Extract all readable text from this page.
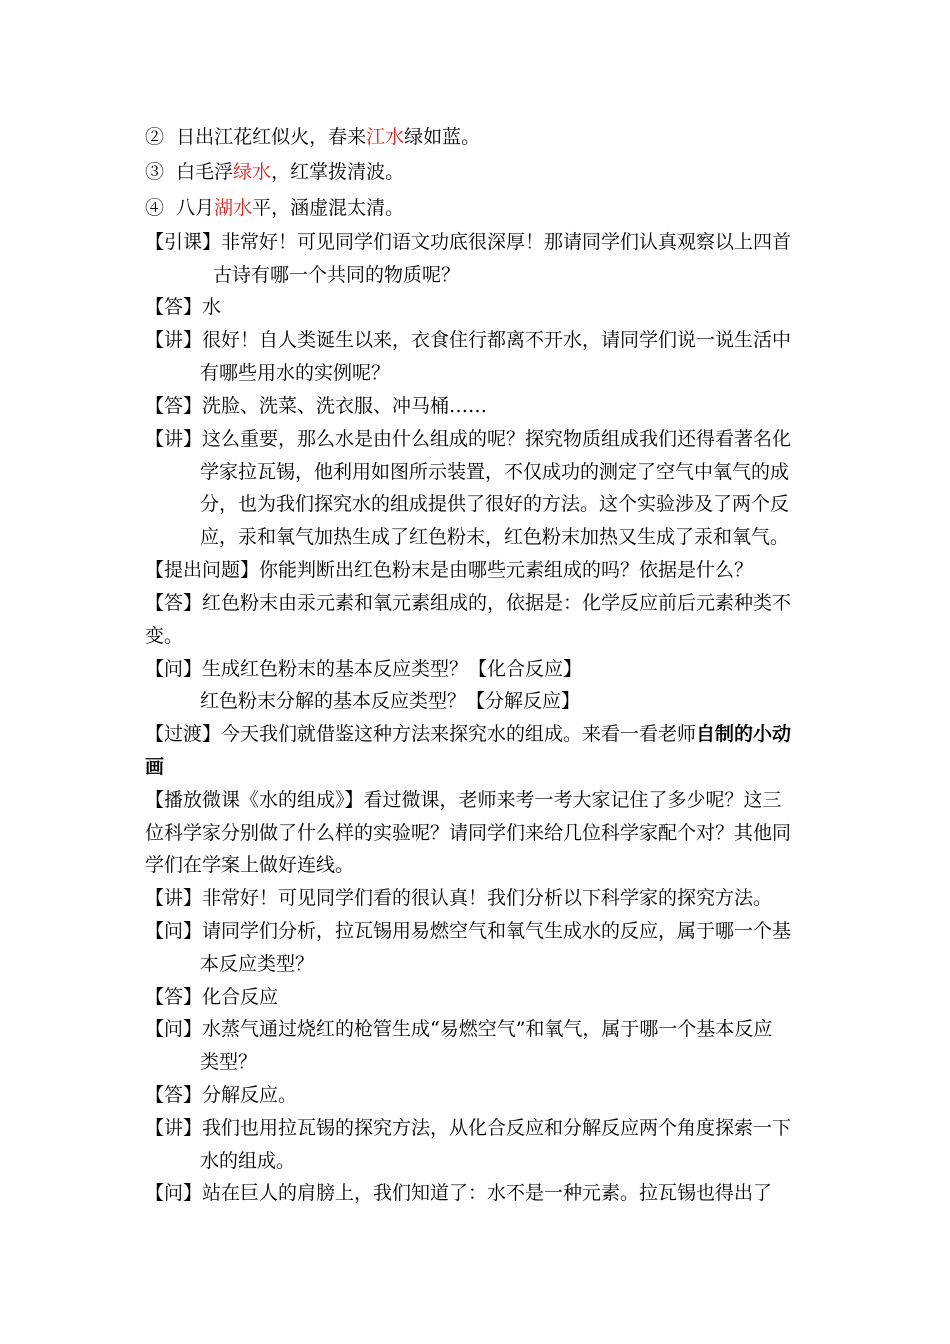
② 日出江花红似火，春来江水绿如蓝。
③ 白毛浮绿水，红掌拨清波。
④ 八月湖水平，涵虚混太清。
【引课】非常好！可见同学们语文功底很深厚！那请同学们认真观察以上四首
古诗有哪一个共同的物质呢？
【答】水
【讲】很好！自人类诞生以来，衣食住行都离不开水，请同学们说一说生活中
有哪些用水的实例呢？
【答】洗脸、洗菜、洗衣服、冲马桶……
【讲】这么重要，那么水是由什么组成的呢？探究物质组成我们还得看著名化
学家拉瓦锡，他利用如图所示装置，不仅成功的测定了空气中氧气的成
分，也为我们探究水的组成提供了很好的方法。这个实验涉及了两个反
应，汞和氧气加热生成了红色粉末，红色粉末加热又生成了汞和氧气。
【提出问题】你能判断出红色粉末是由哪些元素组成的吗？依据是什么？
【答】红色粉末由汞元素和氧元素组成的，依据是：化学反应前后元素种类不
变。
【问】生成红色粉末的基本反应类型？【化合反应】
红色粉末分解的基本反应类型？【分解反应】
【过渡】今天我们就借鉴这种方法来探究水的组成。来看一看老师自制的小动
画
【播放微课《水的组成》】看过微课，老师来考一考大家记住了多少呢？这三
位科学家分别做了什么样的实验呢？请同学们来给几位科学家配个对？其他同
学们在学案上做好连线。
【讲】非常好！可见同学们看的很认真！我们分析以下科学家的探究方法。
【问】请同学们分析，拉瓦锡用易燃空气和氧气生成水的反应，属于哪一个基
本反应类型？
【答】化合反应
【问】水蒸气通过烧红的枪管生成“易燃空气”和氧气，属于哪一个基本反应
类型？
【答】分解反应。
【讲】我们也用拉瓦锡的探究方法，从化合反应和分解反应两个角度探索一下
水的组成。
【问】站在巨人的肩膀上，我们知道了：水不是一种元素。拉瓦锡也得出了
